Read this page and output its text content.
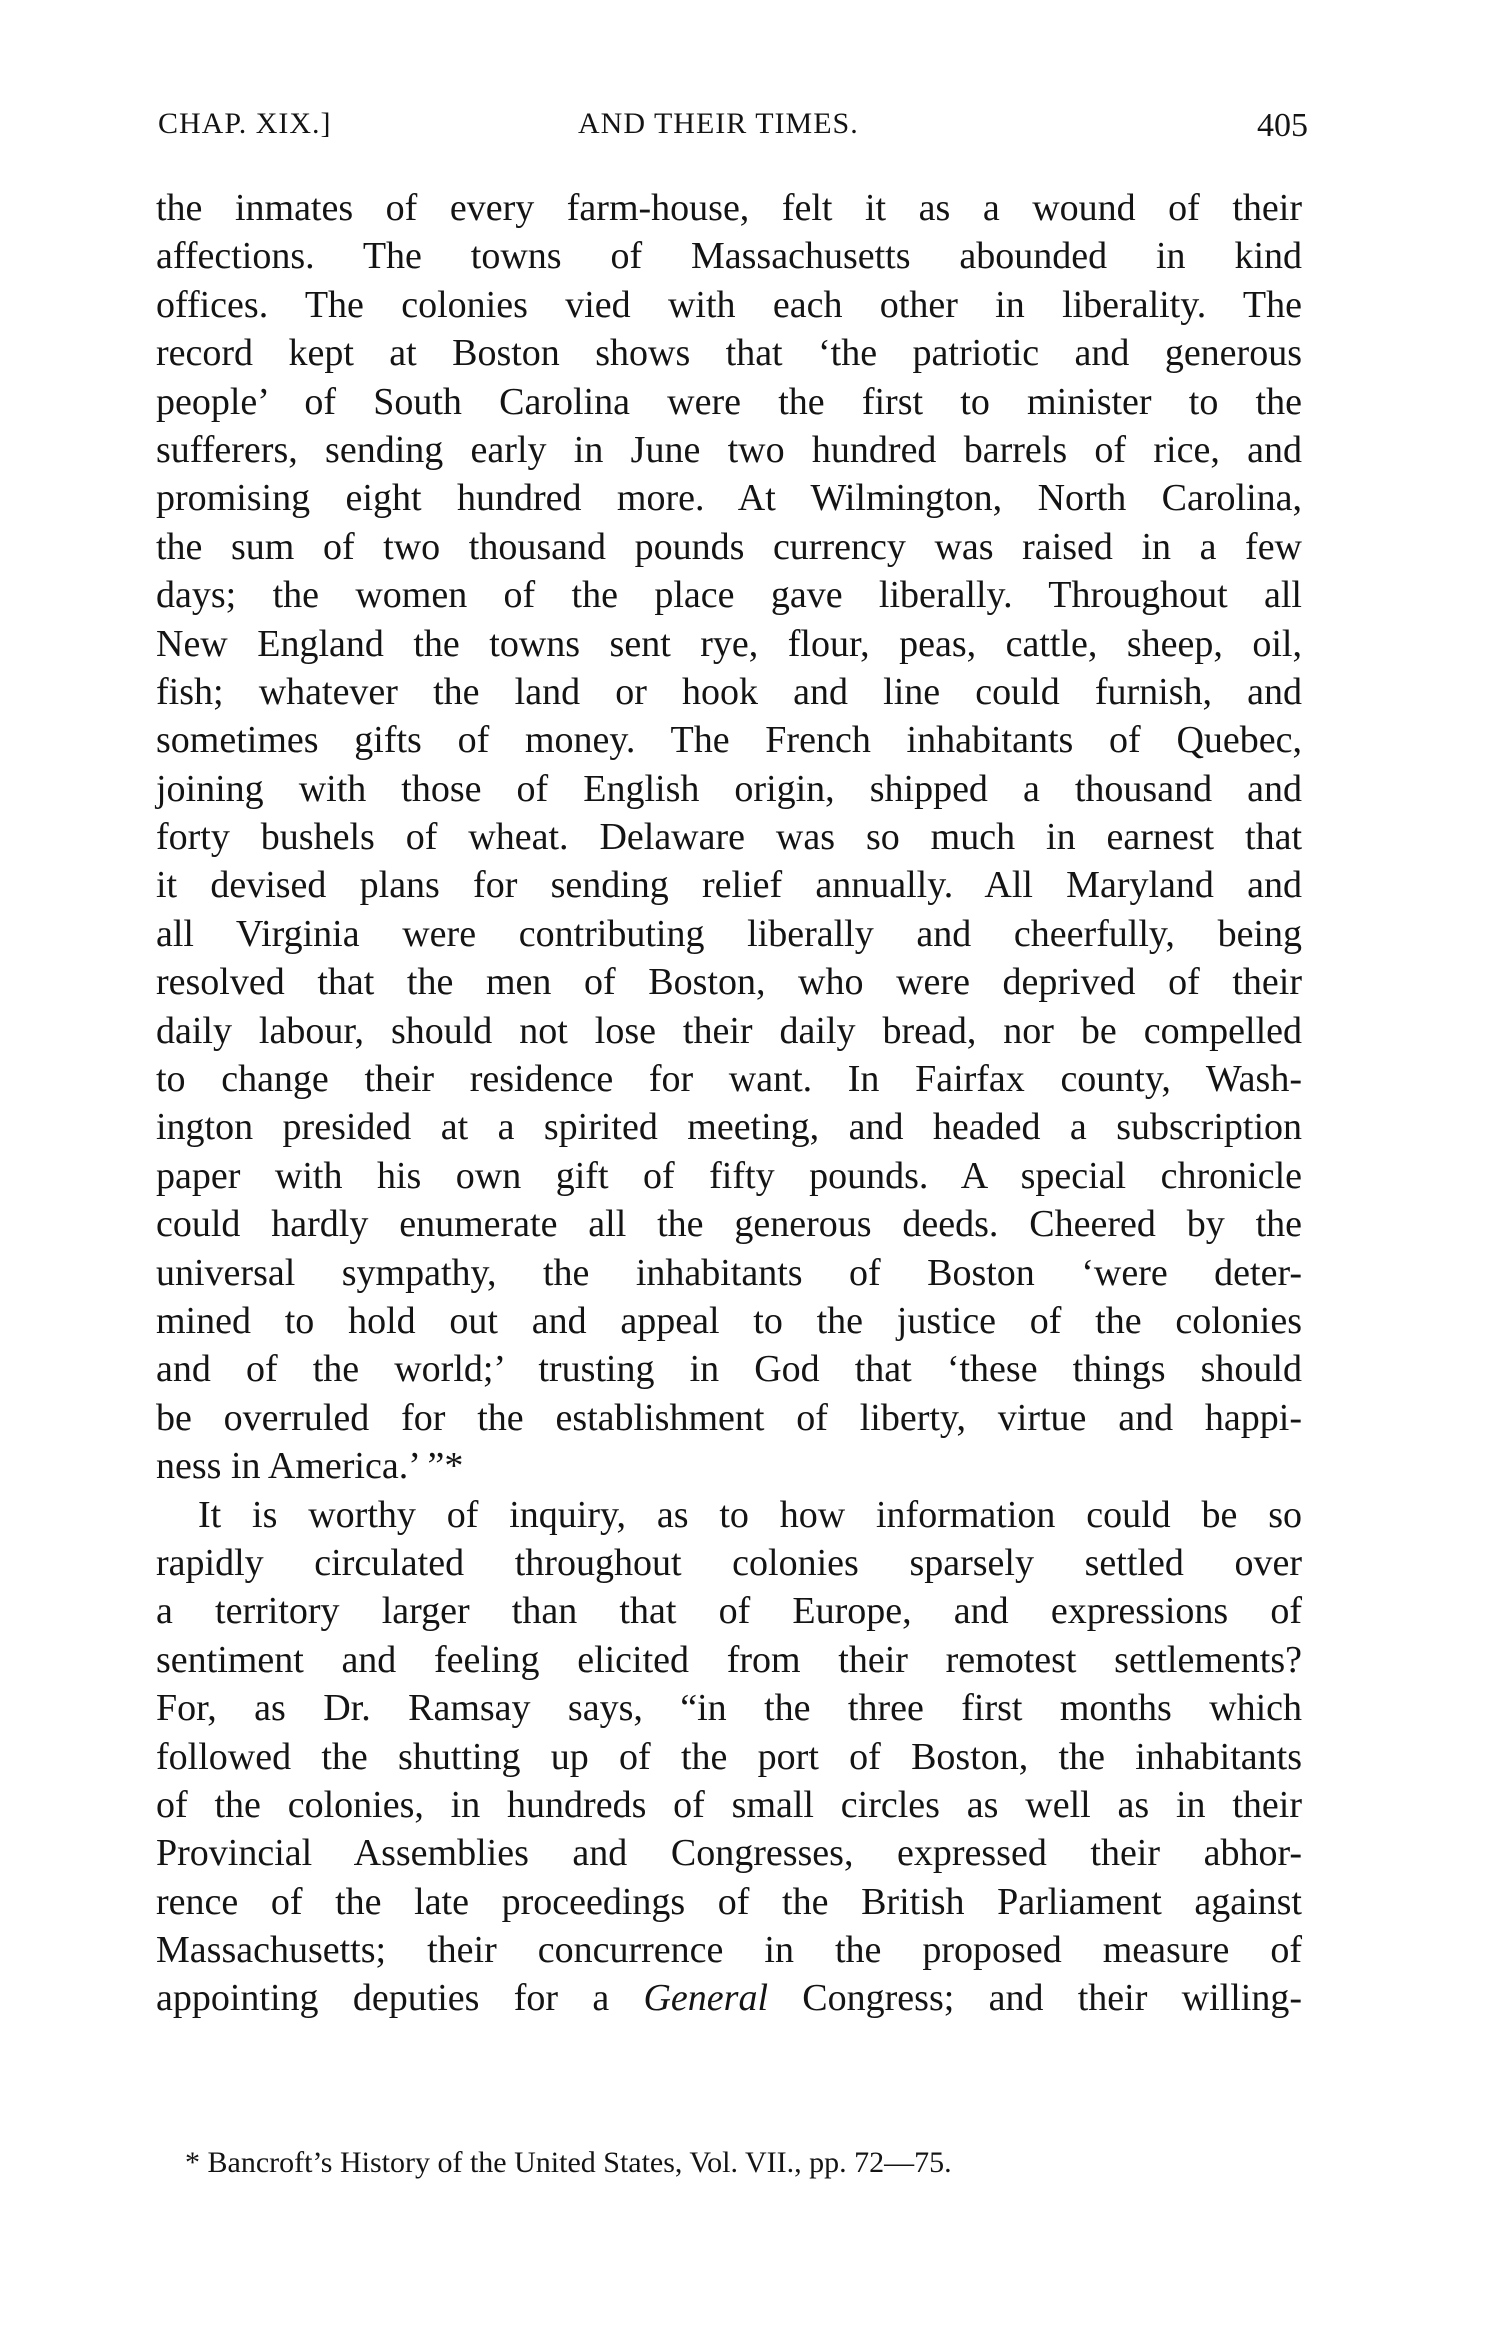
CHAP. XIX.]	AND THEIR TIMES.	405
the inmates of every farm-house, felt it as a wound of their
affections. The towns of Massachusetts abounded in kind
offices. The colonies vied with each other in liberality. The
record kept at Boston shows that ‘the patriotic and generous
people’ of South Carolina were the first to minister to the
sufferers, sending early in June two hundred barrels of rice, and
promising eight hundred more. At Wilmington, North Carolina,
the sum of two thousand pounds currency was raised in a few
days; the women of the place gave liberally. Throughout all
New England the towns sent rye, flour, peas, cattle, sheep, oil,
fish; whatever the land or hook and line could furnish, and
sometimes gifts of money. The French inhabitants of Quebec,
joining with those of English origin, shipped a thousand and
forty bushels of wheat. Delaware was so much in earnest that
it devised plans for sending relief annually. All Maryland and
all Virginia were contributing liberally and cheerfully, being
resolved that the men of Boston, who were deprived of their
daily labour, should not lose their daily bread, nor be compelled
to change their residence for want. In Fairfax county, Wash-
ington presided at a spirited meeting, and headed a subscription
paper with his own gift of fifty pounds. A special chronicle
could hardly enumerate all the generous deeds. Cheered by the
universal sympathy, the inhabitants of Boston ‘were deter-
mined to hold out and appeal to the justice of the colonies
and of the world;’ trusting in God that ‘these things should
be overruled for the establishment of liberty, virtue and happi-
ness in America.’ ”*
It is worthy of inquiry, as to how information could be so
rapidly circulated throughout colonies sparsely settled over
a territory larger than that of Europe, and expressions of
sentiment and feeling elicited from their remotest settlements?
For, as Dr. Ramsay says, “in the three first months which
followed the shutting up of the port of Boston, the inhabitants
of the colonies, in hundreds of small circles as well as in their
Provincial Assemblies and Congresses, expressed their abhor-
rence of the late proceedings of the British Parliament against
Massachusetts; their concurrence in the proposed measure of
appointing deputies for a General Congress; and their willing-
* Bancroft’s History of the United States, Vol. VII., pp. 72—75.
